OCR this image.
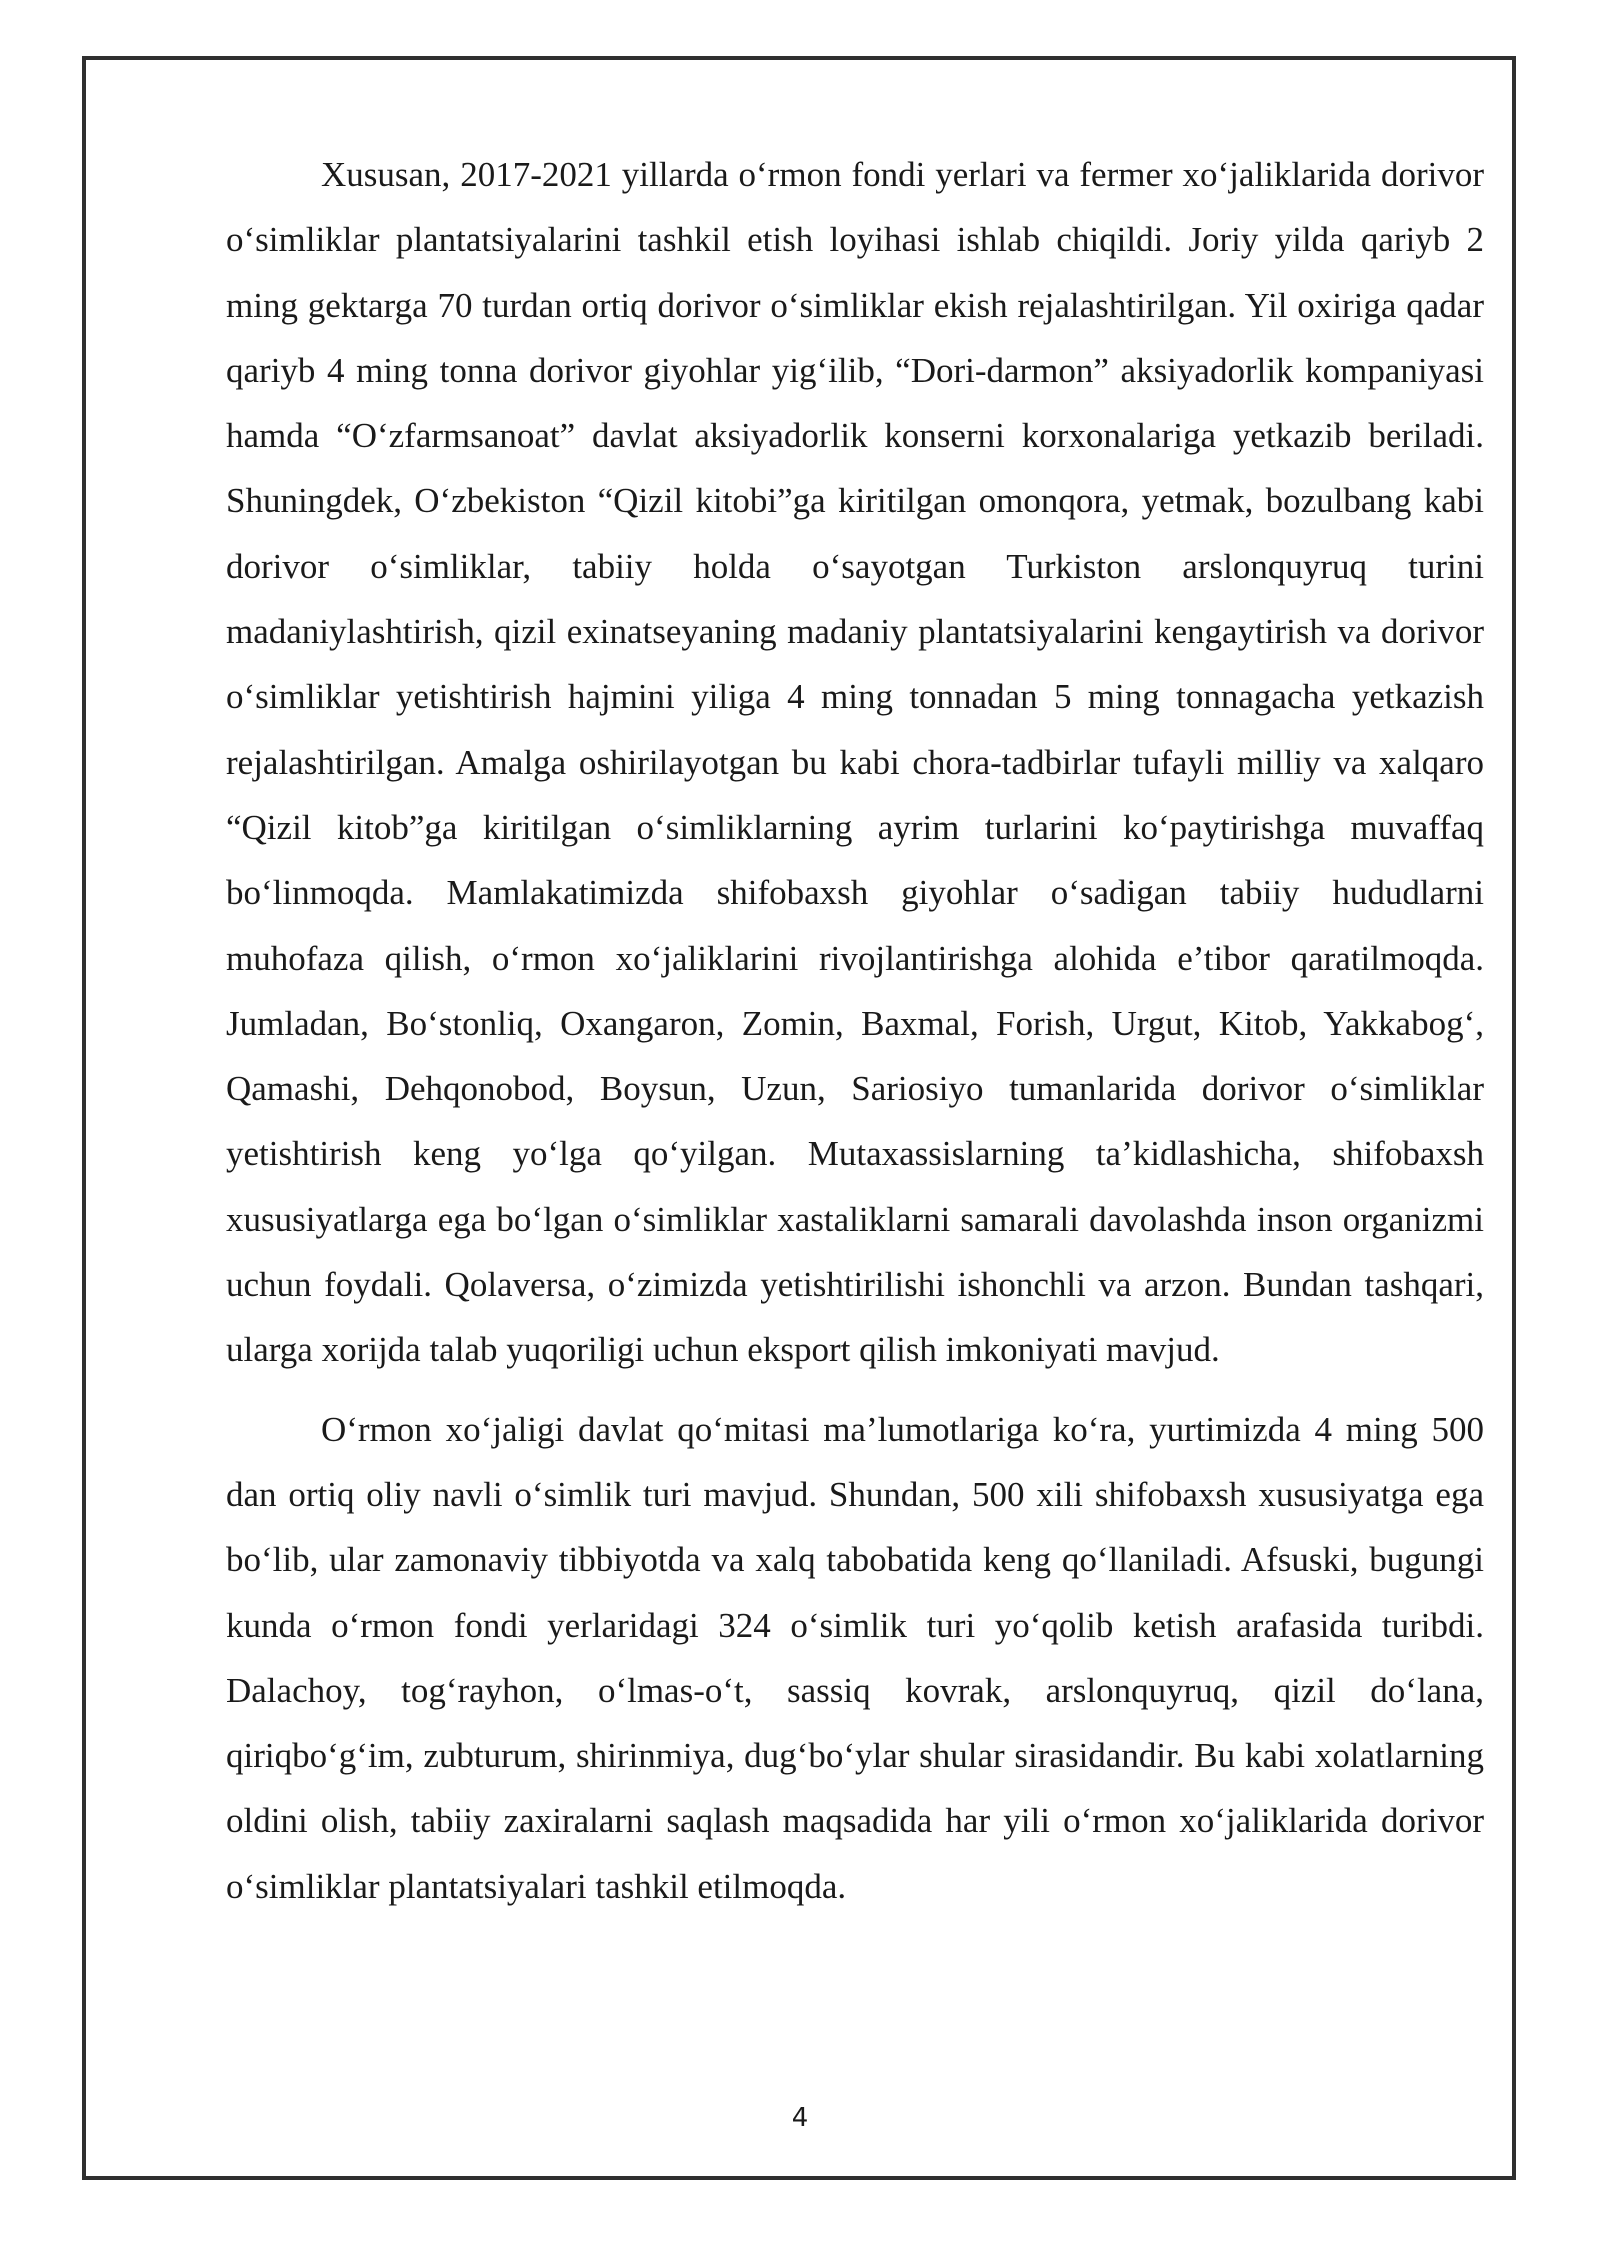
Xususan, 2017-2021 yillarda o‘rmon fondi yerlari va fermer xo‘jaliklarida dorivor o‘simliklar plantatsiyalarini tashkil etish loyihasi ishlab chiqildi. Joriy yilda qariyb 2 ming gektarga 70 turdan ortiq dorivor o‘simliklar ekish rejalashtirilgan. Yil oxiriga qadar qariyb 4 ming tonna dorivor giyohlar yig‘ilib, “Dori-darmon” aksiyadorlik kompaniyasi hamda “O‘zfarmsanoat” davlat aksiyadorlik konserni korxonalariga yetkazib beriladi. Shuningdek, O‘zbekiston “Qizil kitobi”ga kiritilgan omonqora, yetmak, bozulbang kabi dorivor o‘simliklar, tabiiy holda o‘sayotgan Turkiston arslonquyruq turini madaniylashtirish, qizil exinatseyaning madaniy plantatsiyalarini kengaytirish va dorivor o‘simliklar yetishtirish hajmini yiliga 4 ming tonnadan 5 ming tonnagacha yetkazish rejalashtirilgan. Amalga oshirilayotgan bu kabi chora-tadbirlar tufayli milliy va xalqaro “Qizil kitob”ga kiritilgan o‘simliklarning ayrim turlarini ko‘paytirishga muvaffaq bo‘linmoqda. Mamlakatimizda shifobaxsh giyohlar o‘sadigan tabiiy hududlarni muhofaza qilish, o‘rmon xo‘jaliklarini rivojlantirishga alohida e’tibor qaratilmoqda. Jumladan, Bo‘stonliq, Oxangaron, Zomin, Baxmal, Forish, Urgut, Kitob, Yakkabog‘, Qamashi, Dehqonobod, Boysun, Uzun, Sariosiyo tumanlarida dorivor o‘simliklar yetishtirish keng yo‘lga qo‘yilgan. Mutaxassislarning ta’kidlashicha, shifobaxsh xususiyatlarga ega bo‘lgan o‘simliklar xastaliklarni samarali davolashda inson organizmi uchun foydali. Qolaversa, o‘zimizda yetishtirilishi ishonchli va arzon. Bundan tashqari, ularga xorijda talab yuqoriligi uchun eksport qilish imkoniyati mavjud.

O‘rmon xo‘jaligi davlat qo‘mitasi ma’lumotlariga ko‘ra, yurtimizda 4 ming 500 dan ortiq oliy navli o‘simlik turi mavjud. Shundan, 500 xili shifobaxsh xususiyatga ega bo‘lib, ular zamonaviy tibbiyotda va xalq tabobatida keng qo‘llaniladi. Afsuski, bugungi kunda o‘rmon fondi yerlaridagi 324 o‘simlik turi yo‘qolib ketish arafasida turibdi. Dalachoy, tog‘rayhon, o‘lmas-o‘t, sassiq kovrak, arslonquyruq, qizil do‘lana, qiriqbo‘g‘im, zubturum, shirinmiya, dug‘bo‘ylar shular sirasidandir. Bu kabi xolatlarning oldini olish, tabiiy zaxiralarni saqlash maqsadida har yili o‘rmon xo‘jaliklarida dorivor o‘simliklar plantatsiyalari tashkil etilmoqda.

4
